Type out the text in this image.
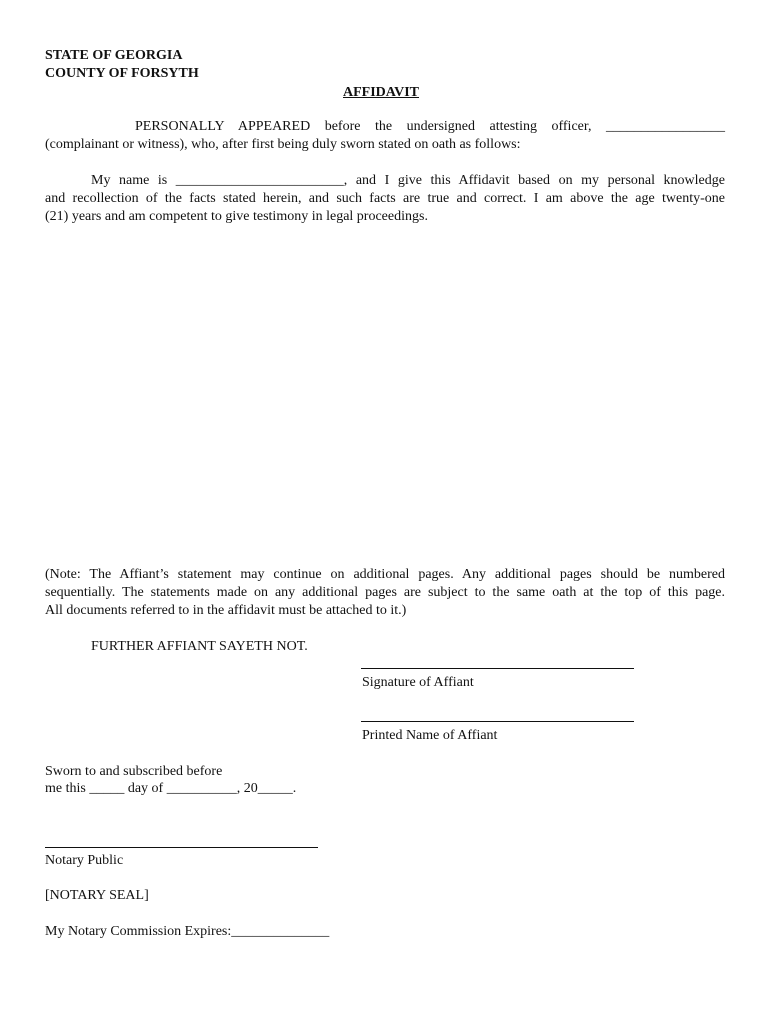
STATE OF GEORGIA
COUNTY OF FORSYTH
AFFIDAVIT
PERSONALLY APPEARED before the undersigned attesting officer, _________________
(complainant or witness), who, after first being duly sworn stated on oath as follows:
My name is ________________________, and I give this Affidavit based on my personal knowledge
and recollection of the facts stated herein, and such facts are true and correct. I am above the age twenty-one
(21) years and am competent to give testimony in legal proceedings.
(Note: The Affiant’s statement may continue on additional pages. Any additional pages should be numbered
sequentially. The statements made on any additional pages are subject to the same oath at the top of this page.
All documents referred to in the affidavit must be attached to it.)
FURTHER AFFIANT SAYETH NOT.
Signature of Affiant
Printed Name of Affiant
Sworn to and subscribed before
me this _____ day of __________, 20_____.
Notary Public
[NOTARY SEAL]
My Notary Commission Expires:______________
